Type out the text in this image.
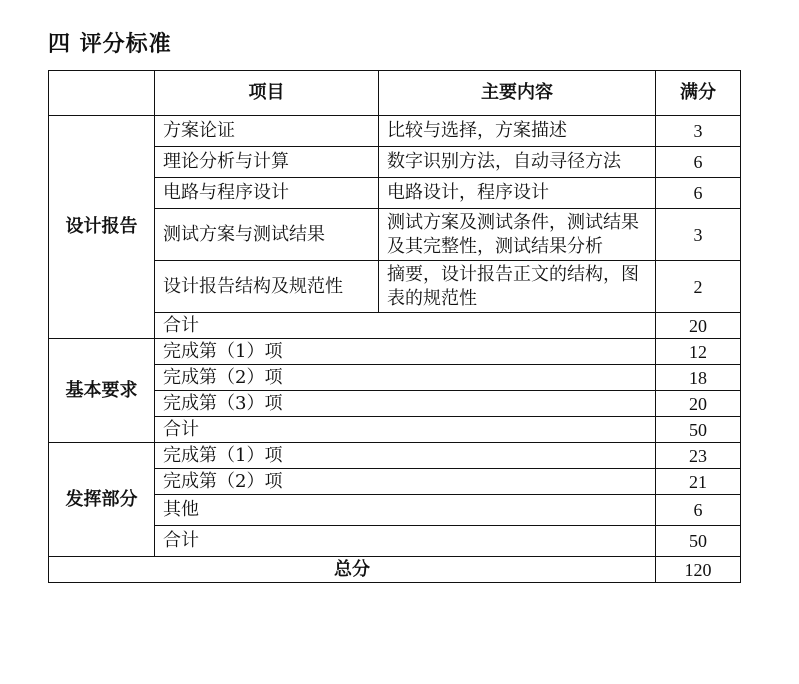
四 评分标准
	项目	主要内容	满分
设计报告	方案论证	比较与选择，方案描述	3
	理论分析与计算	数字识别方法，自动寻径方法	6
	电路与程序设计	电路设计，程序设计	6
	测试方案与测试结果	测试方案及测试条件，测试结果及其完整性，测试结果分析	3
	设计报告结构及规范性	摘要，设计报告正文的结构，图表的规范性	2
	合计		20
基本要求	完成第（1）项		12
	完成第（2）项		18
	完成第（3）项		20
	合计		50
发挥部分	完成第（1）项		23
	完成第（2）项		21
	其他		6
	合计		50
总分			120
